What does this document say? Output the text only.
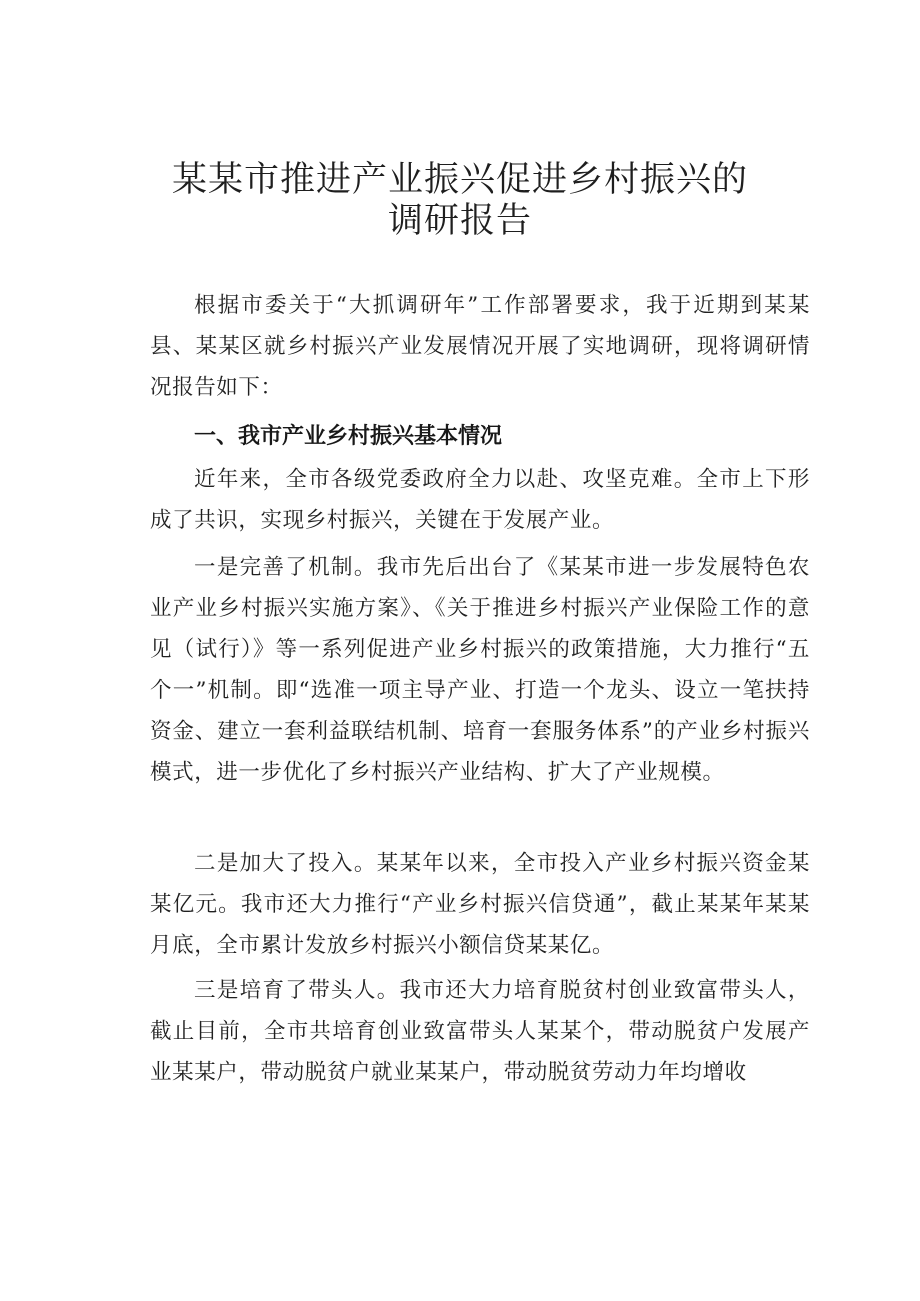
某某市推进产业振兴促进乡村振兴的
调研报告

根据市委关于“大抓调研年”工作部署要求，我于近期到某某县、某某区就乡村振兴产业发展情况开展了实地调研，现将调研情况报告如下：

一、我市产业乡村振兴基本情况

近年来，全市各级党委政府全力以赴、攻坚克难。全市上下形成了共识，实现乡村振兴，关键在于发展产业。

一是完善了机制。我市先后出台了《某某市进一步发展特色农业产业乡村振兴实施方案》、《关于推进乡村振兴产业保险工作的意见（试行）》等一系列促进产业乡村振兴的政策措施，大力推行“五个一”机制。即“选准一项主导产业、打造一个龙头、设立一笔扶持资金、建立一套利益联结机制、培育一套服务体系”的产业乡村振兴模式，进一步优化了乡村振兴产业结构、扩大了产业规模。

二是加大了投入。某某年以来，全市投入产业乡村振兴资金某某亿元。我市还大力推行“产业乡村振兴信贷通”，截止某某年某某月底，全市累计发放乡村振兴小额信贷某某亿。

三是培育了带头人。我市还大力培育脱贫村创业致富带头人，截止目前，全市共培育创业致富带头人某某个，带动脱贫户发展产业某某户，带动脱贫户就业某某户，带动脱贫劳动力年均增收
